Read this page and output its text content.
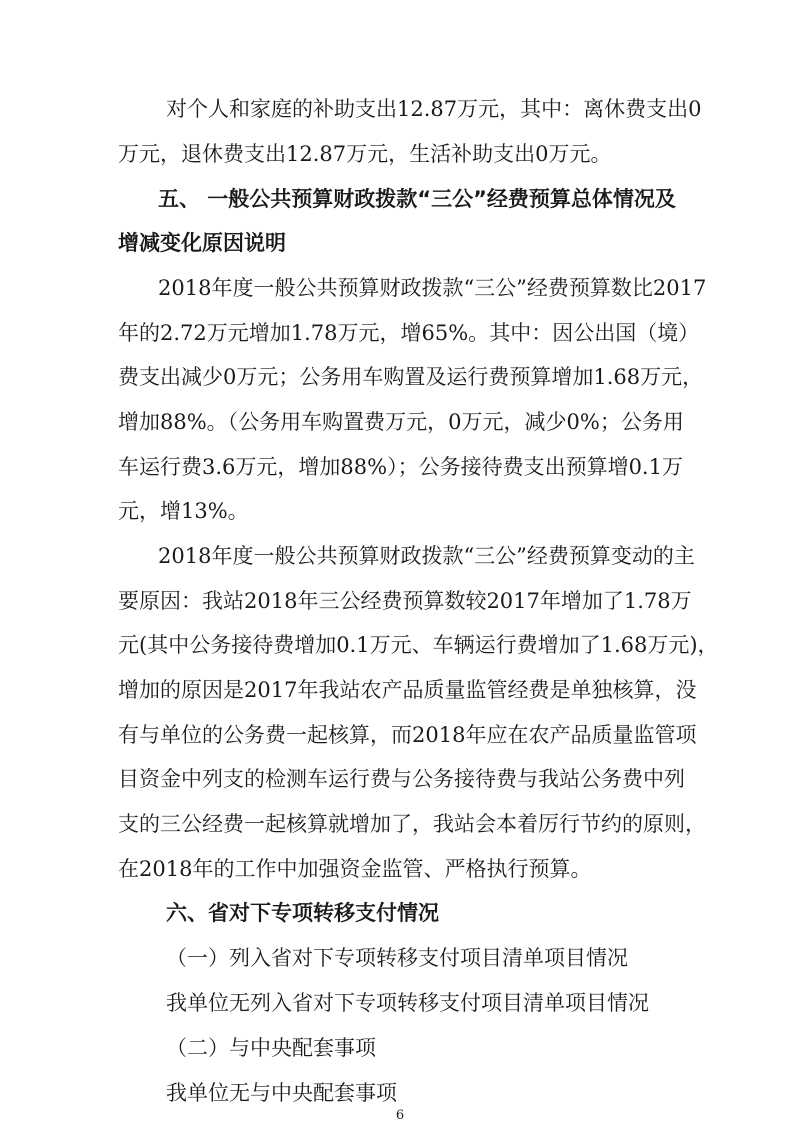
对个人和家庭的补助支出12.87万元，其中：离休费支出0
万元，退休费支出12.87万元，生活补助支出0万元。
五、 一般公共预算财政拨款“三公”经费预算总体情况及
增减变化原因说明
2018年度一般公共预算财政拨款“三公”经费预算数比2017
年的2.72万元增加1.78万元，增65%。其中：因公出国（境）
费支出减少0万元；公务用车购置及运行费预算增加1.68万元，
增加88%。（公务用车购置费万元，0万元，减少0%；公务用
车运行费3.6万元，增加88%）；公务接待费支出预算增0.1万
元，增13%。
2018年度一般公共预算财政拨款“三公”经费预算变动的主
要原因：我站2018年三公经费预算数较2017年增加了1.78万
元(其中公务接待费增加0.1万元、车辆运行费增加了1.68万元)，
增加的原因是2017年我站农产品质量监管经费是单独核算，没
有与单位的公务费一起核算，而2018年应在农产品质量监管项
目资金中列支的检测车运行费与公务接待费与我站公务费中列
支的三公经费一起核算就增加了，我站会本着厉行节约的原则，
在2018年的工作中加强资金监管、严格执行预算。
六、省对下专项转移支付情况
（一）列入省对下专项转移支付项目清单项目情况
我单位无列入省对下专项转移支付项目清单项目情况
6
（二）与中央配套事项
我单位无与中央配套事项
